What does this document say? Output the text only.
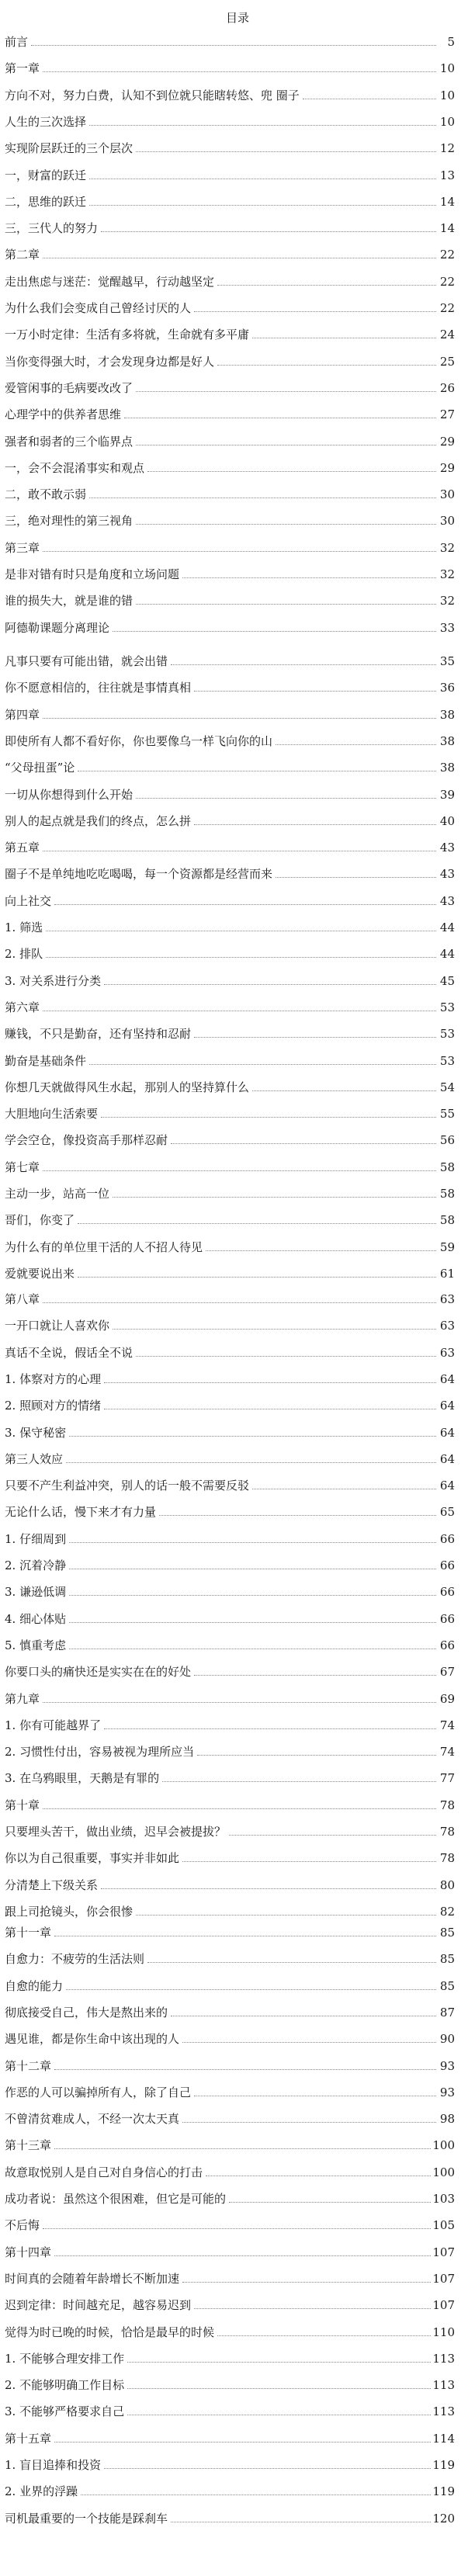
目录
前言	5
第一章	10
方向不对，努力白费，认知不到位就只能瞎转悠、兜 圈子	10
人生的三次选择	10
实现阶层跃迁的三个层次	12
一，财富的跃迁	13
二，思维的跃迁	14
三，三代人的努力	14
第二章	22
走出焦虑与迷茫：觉醒越早，行动越坚定	22
为什么我们会变成自己曾经讨厌的人	22
一万小时定律：生活有多将就，生命就有多平庸	24
当你变得强大时，才会发现身边都是好人	25
爱管闲事的毛病要改改了	26
心理学中的供养者思维	27
强者和弱者的三个临界点	29
一，会不会混淆事实和观点	29
二，敢不敢示弱	30
三，绝对理性的第三视角	30
第三章	32
是非对错有时只是角度和立场问题	32
谁的损失大，就是谁的错	32
阿德勒课题分离理论	33
凡事只要有可能出错，就会出错	35
你不愿意相信的，往往就是事情真相	36
第四章	38
即使所有人都不看好你，你也要像乌一样飞向你的山	38
“父母扭蛋”论	38
一切从你想得到什么开始	39
别人的起点就是我们的终点，怎么拼	40
第五章	43
圈子不是单纯地吃吃喝喝，每一个资源都是经营而来	43
向上社交	43
1. 筛选	44
2. 排队	44
3. 对关系进行分类	45
第六章	53
赚钱，不只是勤奋，还有坚持和忍耐	53
勤奋是基础条件	53
你想几天就做得风生水起，那别人的坚持算什么	54
大胆地向生活索要	55
学会空仓，像投资高手那样忍耐	56
第七章	58
主动一步，站高一位	58
哥们，你变了	58
为什么有的单位里干活的人不招人待见	59
爱就要说出来	61
第八章	63
一开口就让人喜欢你	63
真话不全说，假话全不说	63
1. 体察对方的心理	64
2. 照顾对方的情绪	64
3. 保守秘密	64
第三人效应	64
只要不产生利益冲突，别人的话一般不需要反驳	64
无论什么话，慢下来才有力量	65
1. 仔细周到	66
2. 沉着冷静	66
3. 谦逊低调	66
4. 细心体贴	66
5. 慎重考虑	66
你要口头的痛快还是实实在在的好处	67
第九章	69
1. 你有可能越界了	74
2. 习惯性付出，容易被视为理所应当	74
3. 在乌鸦眼里，天鹅是有罪的	77
第十章	78
只要埋头苦干，做出业绩，迟早会被提拔？	78
你以为自己很重要，事实并非如此	78
分清楚上下级关系	80
跟上司抢镜头，你会很惨	82
第十一章	85
自愈力：不疲劳的生活法则	85
自愈的能力	85
彻底接受自己，伟大是熬出来的	87
遇见谁，都是你生命中该出现的人	90
第十二章	93
作恶的人可以骗掉所有人，除了自己	93
不曾清贫难成人，不经一次太天真	98
第十三章	100
故意取悦别人是自己对自身信心的打击	100
成功者说：虽然这个很困难，但它是可能的	103
不后悔	105
第十四章	107
时间真的会随着年龄增长不断加速	107
迟到定律：时间越充足，越容易迟到	107
觉得为时已晚的时候，恰恰是最早的时候	110
1. 不能够合理安排工作	113
2. 不能够明确工作目标	113
3. 不能够严格要求自己	113
第十五章	114
1. 盲目追捧和投资	119
2. 业界的浮躁	119
司机最重要的一个技能是踩刹车	120
